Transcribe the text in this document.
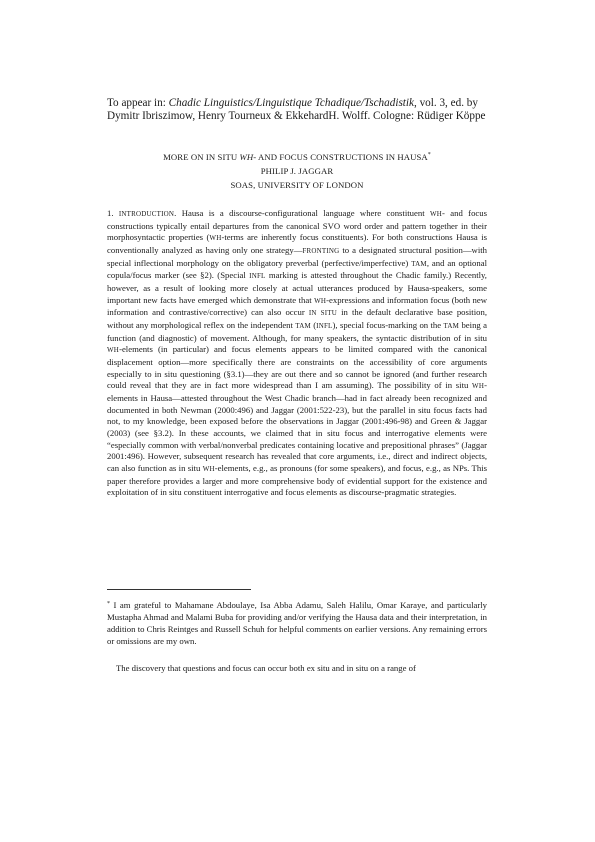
To appear in: Chadic Linguistics/Linguistique Tchadique/Tschadistik, vol. 3, ed. by Dymitr Ibriszimow, Henry Tourneux & EkkehardH. Wolff. Cologne: Rüdiger Köppe
MORE ON IN SITU WH- AND FOCUS CONSTRUCTIONS IN HAUSA*
PHILIP J. JAGGAR
SOAS, UNIVERSITY OF LONDON

1. INTRODUCTION. Hausa is a discourse-configurational language where constituent WH- and focus constructions typically entail departures from the canonical SVO word order and pattern together in their morphosyntactic properties (WH-terms are inherently focus constituents). For both constructions Hausa is conventionally analyzed as having only one strategy—FRONTING to a designated structural position—with special inflectional morphology on the obligatory preverbal (perfective/imperfective) TAM, and an optional copula/focus marker (see §2). (Special INFL marking is attested throughout the Chadic family.) Recently, however, as a result of looking more closely at actual utterances produced by Hausa-speakers, some important new facts have emerged which demonstrate that WH-expressions and information focus (both new information and contrastive/corrective) can also occur IN SITU in the default declarative base position, without any morphological reflex on the independent TAM (INFL), special focus-marking on the TAM being a function (and diagnostic) of movement. Although, for many speakers, the syntactic distribution of in situ WH-elements (in particular) and focus elements appears to be limited compared with the canonical displacement option—more specifically there are constraints on the accessibility of core arguments especially to in situ questioning (§3.1)—they are out there and so cannot be ignored (and further research could reveal that they are in fact more widespread than I am assuming). The possibility of in situ WH-elements in Hausa—attested throughout the West Chadic branch—had in fact already been recognized and documented in both Newman (2000:496) and Jaggar (2001:522-23), but the parallel in situ focus facts had not, to my knowledge, been exposed before the observations in Jaggar (2001:496-98) and Green & Jaggar (2003) (see §3.2). In these accounts, we claimed that in situ focus and interrogative elements were “especially common with verbal/nonverbal predicates containing locative and prepositional phrases” (Jaggar 2001:496). However, subsequent research has revealed that core arguments, i.e., direct and indirect objects, can also function as in situ WH-elements, e.g., as pronouns (for some speakers), and focus, e.g., as NPs. This paper therefore provides a larger and more comprehensive body of evidential support for the existence and exploitation of in situ constituent interrogative and focus elements as discourse-pragmatic strategies.

The discovery that questions and focus can occur both ex situ and in situ on a range of
* I am grateful to Mahamane Abdoulaye, Isa Abba Adamu, Saleh Halilu, Omar Karaye, and particularly Mustapha Ahmad and Malami Buba for providing and/or verifying the Hausa data and their interpretation, in addition to Chris Reintges and Russell Schuh for helpful comments on earlier versions. Any remaining errors or omissions are my own.
